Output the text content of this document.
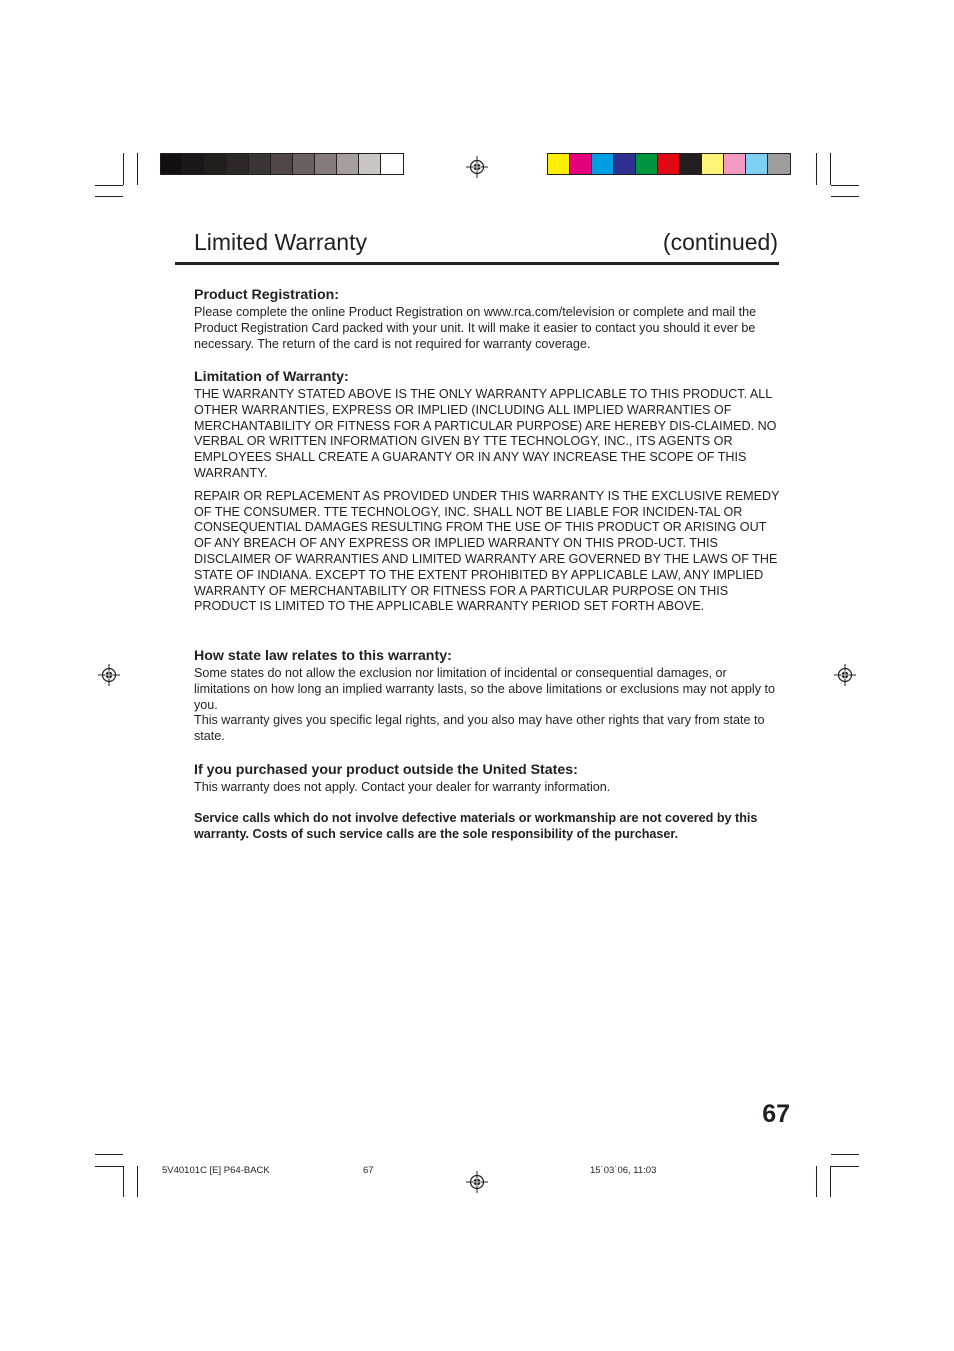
Limited Warranty	(continued)
Product Registration:
Please complete the online Product Registration on www.rca.com/television or complete and mail the Product Registration Card packed with your unit. It will make it easier to contact you should it ever be necessary. The return of the card is not required for warranty coverage.
Limitation of Warranty:
THE WARRANTY STATED ABOVE IS THE ONLY WARRANTY APPLICABLE TO THIS PRODUCT. ALL OTHER WARRANTIES, EXPRESS OR IMPLIED (INCLUDING ALL IMPLIED WARRANTIES OF MERCHANTABILITY OR FITNESS FOR A PARTICULAR PURPOSE) ARE HEREBY DIS-CLAIMED. NO VERBAL OR WRITTEN INFORMATION GIVEN BY TTE TECHNOLOGY, INC., ITS AGENTS OR EMPLOYEES SHALL CREATE A GUARANTY OR IN ANY WAY INCREASE THE SCOPE OF THIS WARRANTY.
REPAIR OR REPLACEMENT AS PROVIDED UNDER THIS WARRANTY IS THE EXCLUSIVE REMEDY OF THE CONSUMER. TTE TECHNOLOGY, INC. SHALL NOT BE LIABLE FOR INCIDEN-TAL OR CONSEQUENTIAL DAMAGES RESULTING FROM THE USE OF THIS PRODUCT OR ARISING OUT OF ANY BREACH OF ANY EXPRESS OR IMPLIED WARRANTY ON THIS PROD-UCT. THIS DISCLAIMER OF WARRANTIES AND LIMITED WARRANTY ARE GOVERNED BY THE LAWS OF THE STATE OF INDIANA. EXCEPT TO THE EXTENT PROHIBITED BY APPLICABLE LAW, ANY IMPLIED WARRANTY OF MERCHANTABILITY OR FITNESS FOR A PARTICULAR PURPOSE ON THIS PRODUCT IS LIMITED TO THE APPLICABLE WARRANTY PERIOD SET FORTH ABOVE.
How state law relates to this warranty:
Some states do not allow the exclusion nor limitation of incidental or consequential damages, or limitations on how long an implied warranty lasts, so the above limitations or exclusions may not apply to you.
This warranty gives you specific legal rights, and you also may have other rights that vary from state to state.
If you purchased your product outside the United States:
This warranty does not apply. Contact your dealer for warranty information.
Service calls which do not involve defective materials or workmanship are not covered by this warranty. Costs of such service calls are the sole responsibility of the purchaser.
67
5V40101C [E] P64-BACK	67	15˙03˙06, 11:03
